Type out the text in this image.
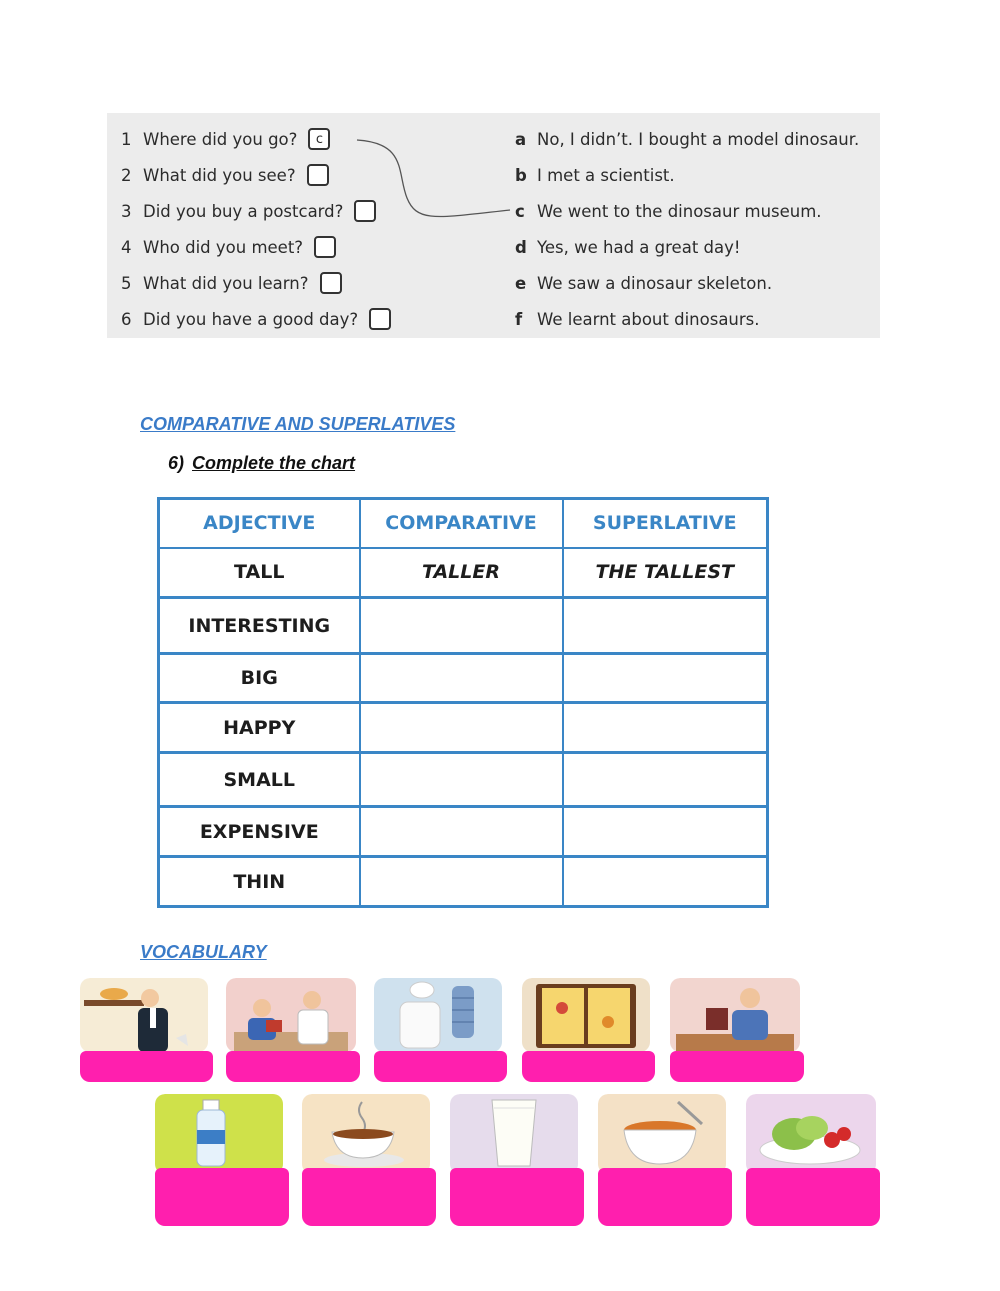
1 Where did you go?	c
2 What did you see?
3 Did you buy a postcard?
4 Who did you meet?
5 What did you learn?
6 Did you have a good day?
a No, I didn’t. I bought a model dinosaur.
b I met a scientist.
c We went to the dinosaur museum.
d Yes, we had a great day!
e We saw a dinosaur skeleton.
f We learnt about dinosaurs.
COMPARATIVE AND SUPERLATIVES
6) Complete the chart
ADJECTIVE	COMPARATIVE	SUPERLATIVE
TALL	TALLER	THE TALLEST
INTERESTING		
BIG		
HAPPY		
SMALL		
EXPENSIVE		
THIN		
VOCABULARY
